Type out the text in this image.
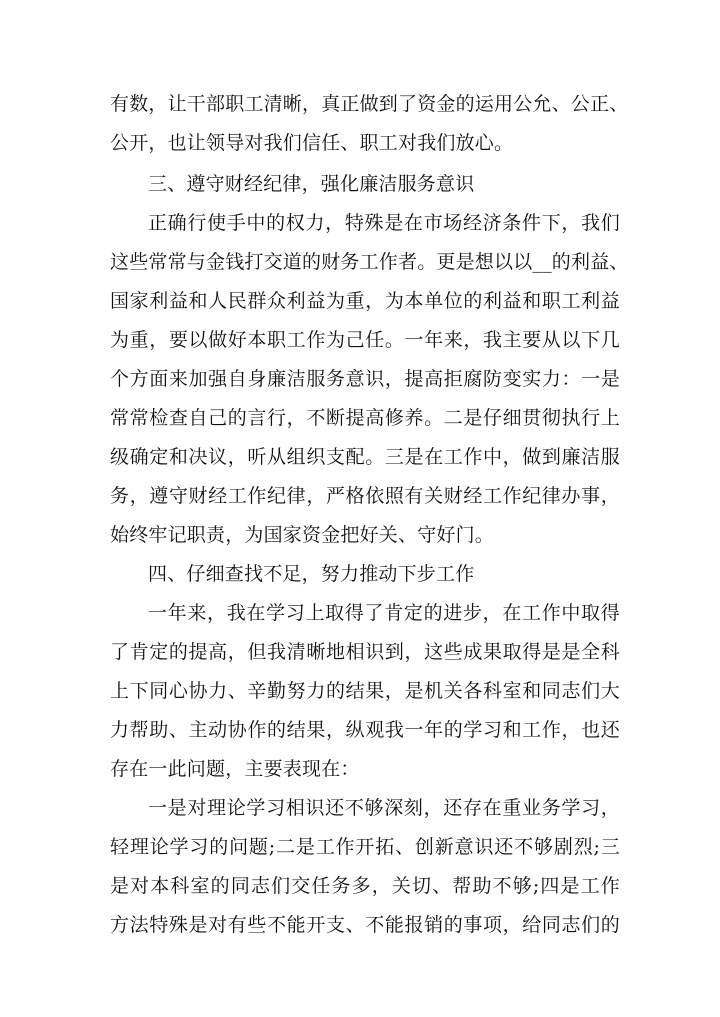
有数，让干部职工清晰，真正做到了资金的运用公允、公正、
公开，也让领导对我们信任、职工对我们放心。
三、遵守财经纪律，强化廉洁服务意识
正确行使手中的权力，特殊是在市场经济条件下，我们
这些常常与金钱打交道的财务工作者。更是想以以__的利益、
国家利益和人民群众利益为重，为本单位的利益和职工利益
为重，要以做好本职工作为己任。一年来，我主要从以下几
个方面来加强自身廉洁服务意识，提高拒腐防变实力：一是
常常检查自己的言行，不断提高修养。二是仔细贯彻执行上
级确定和决议，听从组织支配。三是在工作中，做到廉洁服
务，遵守财经工作纪律，严格依照有关财经工作纪律办事，
始终牢记职责，为国家资金把好关、守好门。
四、仔细查找不足，努力推动下步工作
一年来，我在学习上取得了肯定的进步，在工作中取得
了肯定的提高，但我清晰地相识到，这些成果取得是是全科
上下同心协力、辛勤努力的结果，是机关各科室和同志们大
力帮助、主动协作的结果，纵观我一年的学习和工作，也还
存在一此问题，主要表现在：
一是对理论学习相识还不够深刻，还存在重业务学习，
轻理论学习的问题;二是工作开拓、创新意识还不够剧烈;三
是对本科室的同志们交任务多，关切、帮助不够;四是工作
方法特殊是对有些不能开支、不能报销的事项，给同志们的
